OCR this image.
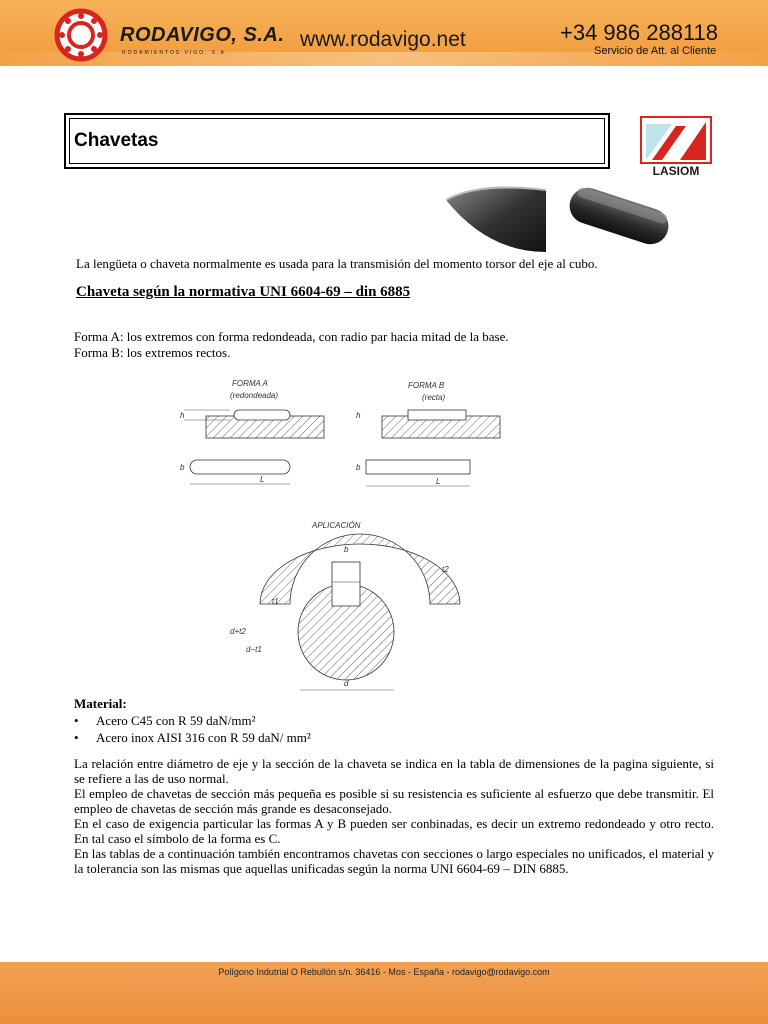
RODAVIGO, S.A.
RODAMIENTOS VIGO, S.A.
www.rodavigo.net	+34 986 288118
Servicio de Att. al Cliente
Chavetas
LASIOM
La lengüeta o chaveta normalmente es usada para la transmisión del momento torsor del eje al cubo.
Chaveta según la normativa UNI 6604-69 – din 6885
Forma A: los extremos con forma redondeada, con radio par hacia mitad de la base.
Forma B: los extremos rectos.
FORMA A
(redondeada)
h
L
b
FORMA B
(recta)
h
L
b
APLICACIÓN
b
t2
t1
d+t2
d−t1
d
Material:
• Acero C45 con R 59 daN/mm²
• Acero inox AISI 316 con R 59 daN/ mm²

La relación entre diámetro de eje y la sección de la chaveta se indica en la tabla de dimensiones de la pagina siguiente, si se refiere a las de uso normal.

El empleo de chavetas de sección más pequeña es posible si su resistencia es suficiente al esfuerzo que debe transmitir. El empleo de chavetas de sección más grande es desaconsejado.

En el caso de exigencia particular las formas A y B pueden ser conbinadas, es decir un extremo redondeado y otro recto. En tal caso el símbolo de la forma es C.

En las tablas de a continuación también encontramos chavetas con secciones o largo especiales no unificados, el material y la tolerancia son las mismas que aquellas unificadas según la norma UNI 6604-69 – DIN 6885.

Polígono Indutrial O Rebullón s/n. 36416 - Mos - España - rodavigo@rodavigo.com
